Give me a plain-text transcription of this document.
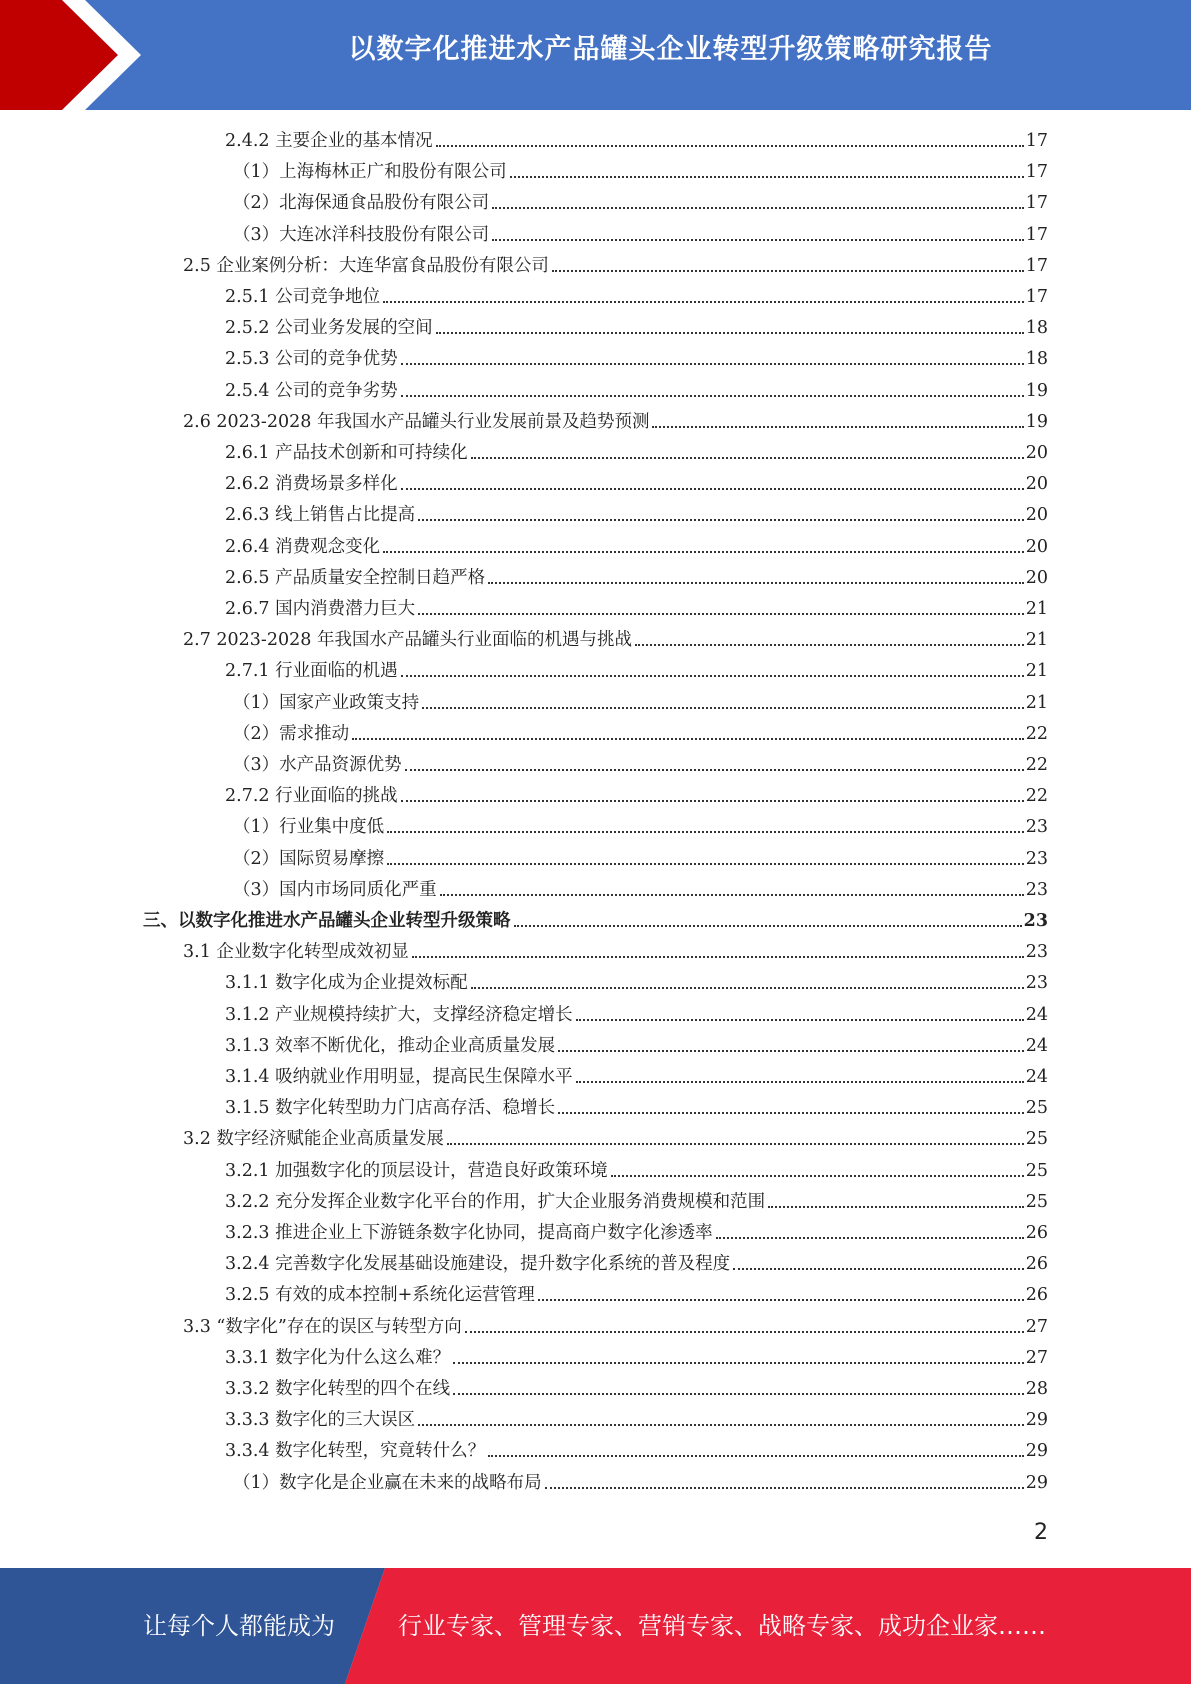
以数字化推进水产品罐头企业转型升级策略研究报告
2.4.2 主要企业的基本情况	17
（1）上海梅林正广和股份有限公司	17
（2）北海保通食品股份有限公司	17
（3）大连冰洋科技股份有限公司	17
2.5 企业案例分析：大连华富食品股份有限公司	17
2.5.1 公司竞争地位	17
2.5.2 公司业务发展的空间	18
2.5.3 公司的竞争优势	18
2.5.4 公司的竞争劣势	19
2.6 2023-2028 年我国水产品罐头行业发展前景及趋势预测	19
2.6.1 产品技术创新和可持续化	20
2.6.2 消费场景多样化	20
2.6.3 线上销售占比提高	20
2.6.4 消费观念变化	20
2.6.5 产品质量安全控制日趋严格	20
2.6.7 国内消费潜力巨大	21
2.7 2023-2028 年我国水产品罐头行业面临的机遇与挑战	21
2.7.1 行业面临的机遇	21
（1）国家产业政策支持	21
（2）需求推动	22
（3）水产品资源优势	22
2.7.2 行业面临的挑战	22
（1）行业集中度低	23
（2）国际贸易摩擦	23
（3）国内市场同质化严重	23
三、以数字化推进水产品罐头企业转型升级策略	23
3.1 企业数字化转型成效初显	23
3.1.1 数字化成为企业提效标配	23
3.1.2 产业规模持续扩大，支撑经济稳定增长	24
3.1.3 效率不断优化，推动企业高质量发展	24
3.1.4 吸纳就业作用明显，提高民生保障水平	24
3.1.5 数字化转型助力门店高存活、稳增长	25
3.2 数字经济赋能企业高质量发展	25
3.2.1 加强数字化的顶层设计，营造良好政策环境	25
3.2.2 充分发挥企业数字化平台的作用，扩大企业服务消费规模和范围	25
3.2.3 推进企业上下游链条数字化协同，提高商户数字化渗透率	26
3.2.4 完善数字化发展基础设施建设，提升数字化系统的普及程度	26
3.2.5 有效的成本控制+系统化运营管理	26
3.3 “数字化”存在的误区与转型方向	27
3.3.1 数字化为什么这么难？	27
3.3.2 数字化转型的四个在线	28
3.3.3 数字化的三大误区	29
3.3.4 数字化转型，究竟转什么？	29
（1）数字化是企业赢在未来的战略布局	29
2
让每个人都能成为	行业专家、管理专家、营销专家、战略专家、成功企业家……
